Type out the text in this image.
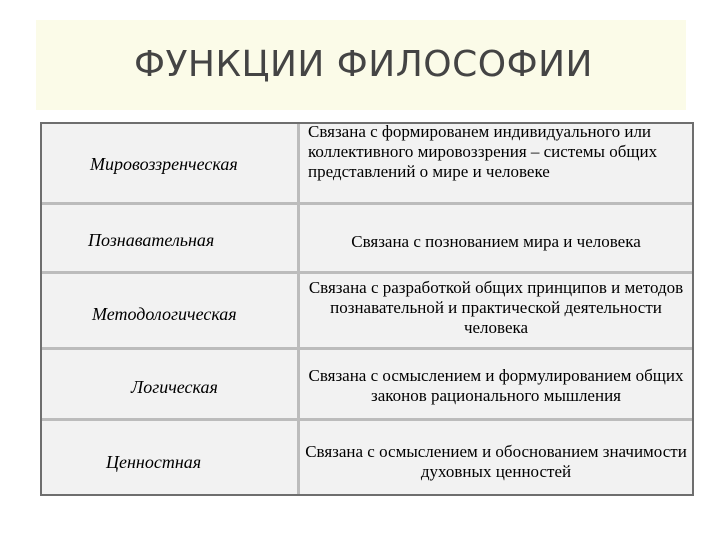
ФУНКЦИИ ФИЛОСОФИИ
Мировоззренческая
Связана с формированем индивидуального или коллективного мировоззрения – системы общих представлений о мире и человеке
Познавательная	Связана с познованием мира и человека
Методологическая
Связана с разработкой общих принципов и методов познавательной и практической деятельности человека
Логическая
Связана с осмыслением и формулированием общих законов рационального мышления
Ценностная
Связана с осмыслением и обоснованием значимости духовных ценностей
